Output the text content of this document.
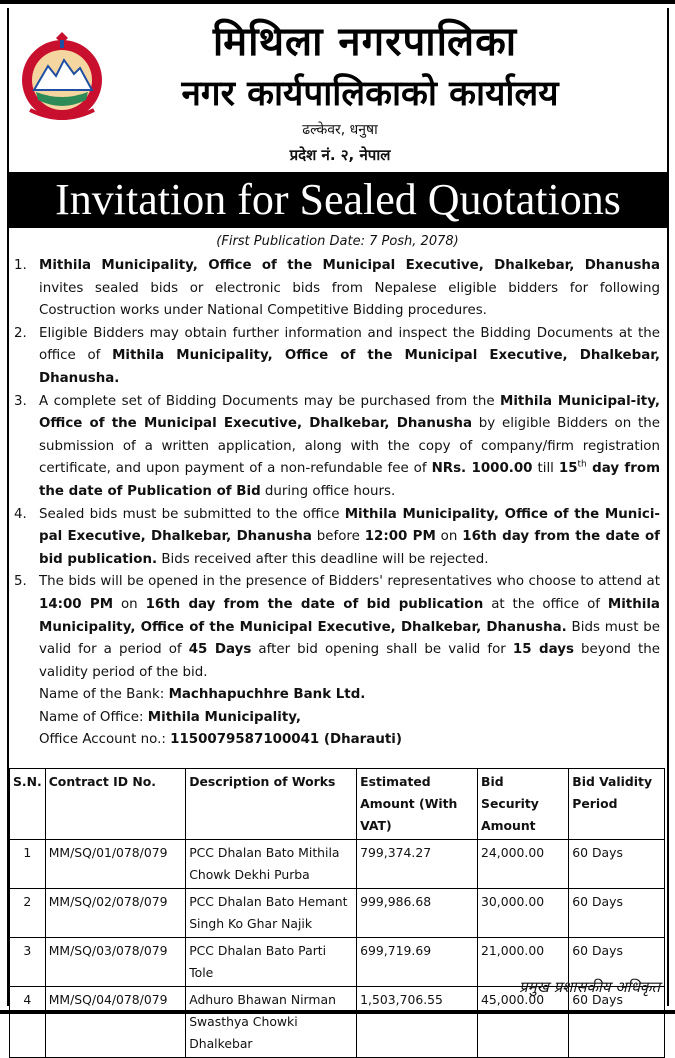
मिथिला नगरपालिका
नगर कार्यपालिकाको कार्यालय
ढल्केवर, धनुषा
प्रदेश नं. २, नेपाल
Invitation for Sealed Quotations
(First Publication Date: 7 Posh, 2078)
1. Mithila Municipality, Office of the Municipal Executive, Dhalkebar, Dhanusha invites sealed bids or electronic bids from Nepalese eligible bidders for following Costruction works under National Competitive Bidding procedures.
2. Eligible Bidders may obtain further information and inspect the Bidding Documents at the office of Mithila Municipality, Office of the Municipal Executive, Dhalkebar, Dhanusha.
3. A complete set of Bidding Documents may be purchased from the Mithila Municipal-ity, Office of the Municipal Executive, Dhalkebar, Dhanusha by eligible Bidders on the submission of a written application, along with the copy of company/firm registration certificate, and upon payment of a non-refundable fee of NRs. 1000.00 till 15th day from the date of Publication of Bid during office hours.
4. Sealed bids must be submitted to the office Mithila Municipality, Office of the Munici-pal Executive, Dhalkebar, Dhanusha before 12:00 PM on 16th day from the date of bid publication. Bids received after this deadline will be rejected.
5. The bids will be opened in the presence of Bidders' representatives who choose to attend at 14:00 PM on 16th day from the date of bid publication at the office of Mithila Municipality, Office of the Municipal Executive, Dhalkebar, Dhanusha. Bids must be valid for a period of 45 Days after bid opening shall be valid for 15 days beyond the validity period of the bid.
Name of the Bank: Machhapuchhre Bank Ltd.
Name of Office: Mithila Municipality,
Office Account no.: 1150079587100041 (Dharauti)
S.N.	Contract ID No.	Description of Works	Estimated Amount (With VAT)	Bid Security Amount	Bid Validity Period
1	MM/SQ/01/078/079	PCC Dhalan Bato Mithila Chowk Dekhi Purba	799,374.27	24,000.00	60 Days
2	MM/SQ/02/078/079	PCC Dhalan Bato Hemant Singh Ko Ghar Najik	999,986.68	30,000.00	60 Days
3	MM/SQ/03/078/079	PCC Dhalan Bato Parti Tole	699,719.69	21,000.00	60 Days
4	MM/SQ/04/078/079	Adhuro Bhawan Nirman Swasthya Chowki Dhalkebar	1,503,706.55	45,000.00	60 Days
प्रमुख प्रशासकीय अधिकृत
